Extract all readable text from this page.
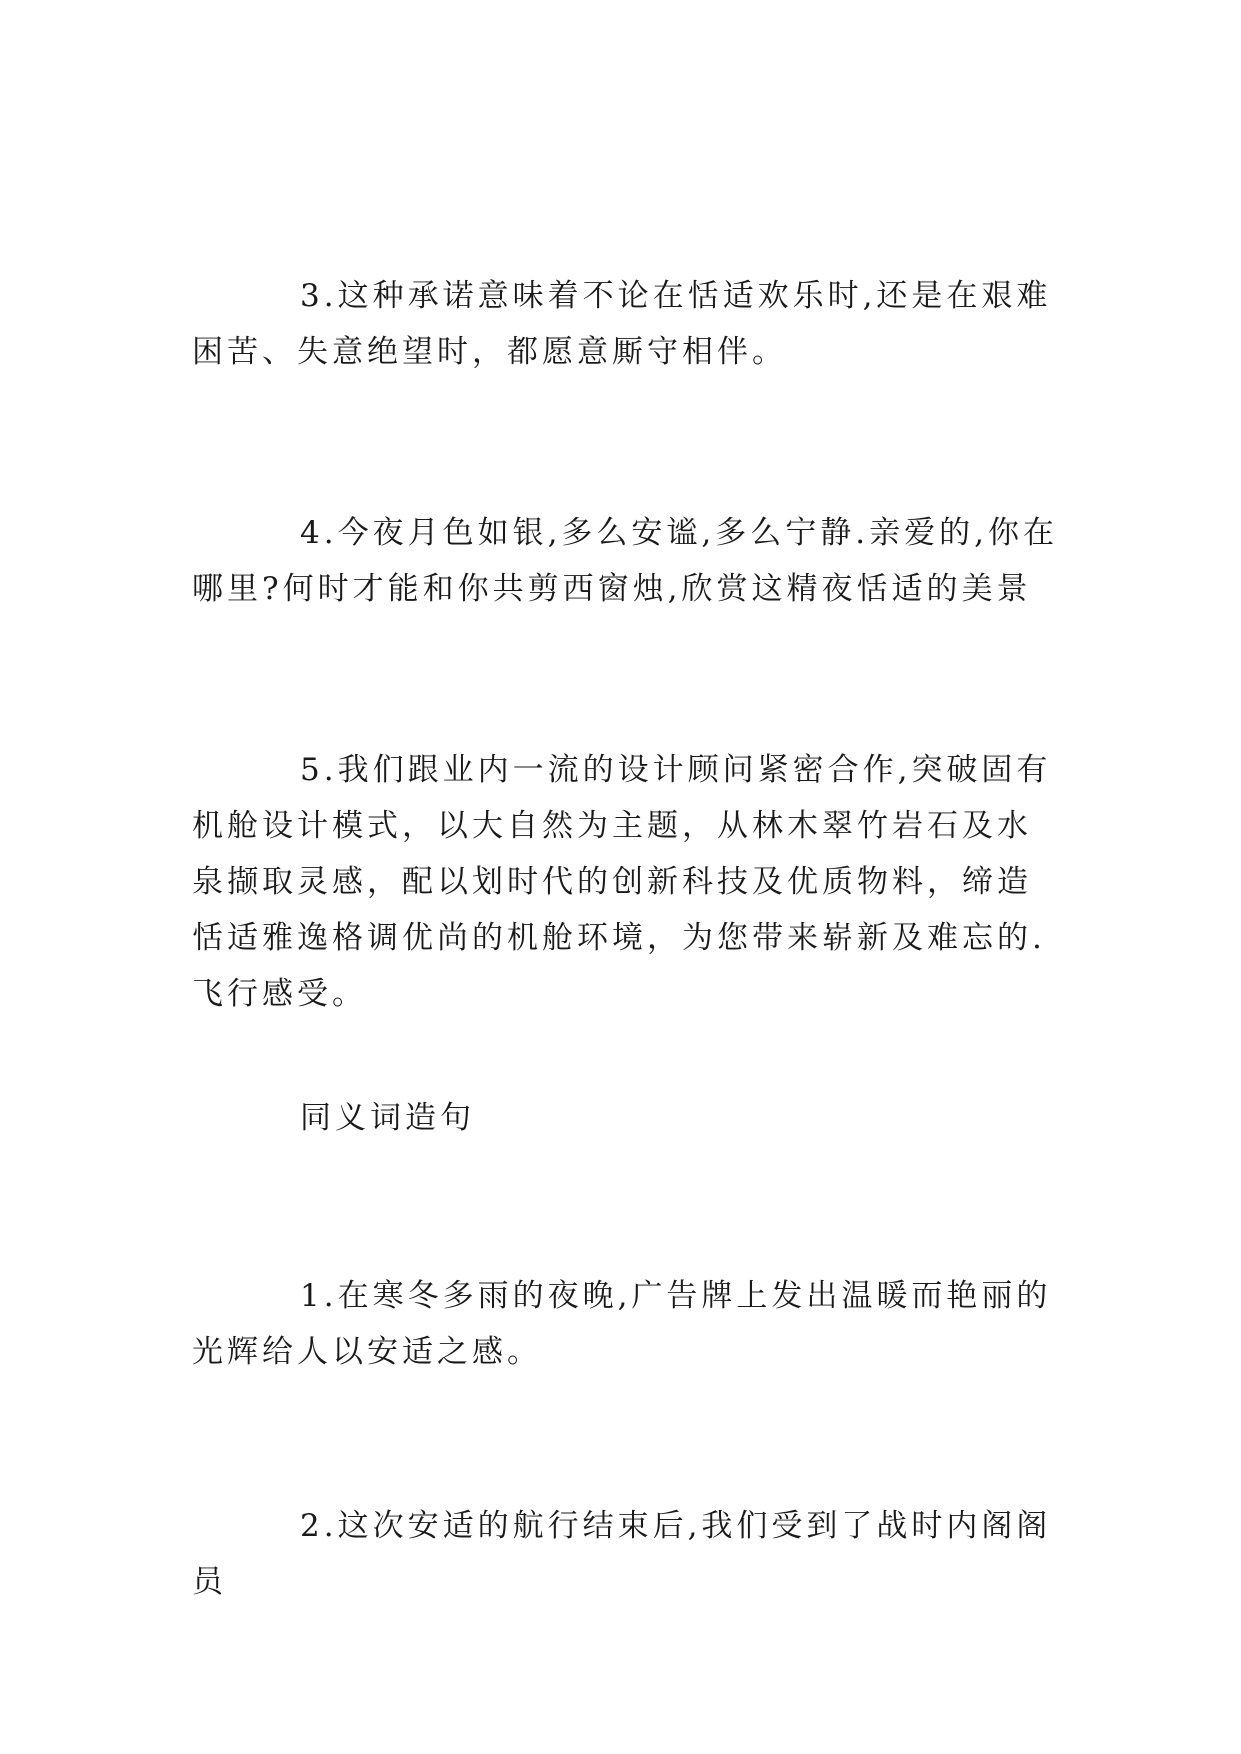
3.这种承诺意味着不论在恬适欢乐时,还是在艰难困苦、失意绝望时，都愿意厮守相伴。

4.今夜月色如银,多么安谧,多么宁静.亲爱的,你在哪里?何时才能和你共剪西窗烛,欣赏这精夜恬适的美景

5.我们跟业内一流的设计顾问紧密合作,突破固有机舱设计模式，以大自然为主题，从林木翠竹岩石及水泉撷取灵感，配以划时代的创新科技及优质物料，缔造恬适雅逸格调优尚的机舱环境，为您带来崭新及难忘的.飞行感受。

同义词造句

1.在寒冬多雨的夜晚,广告牌上发出温暖而艳丽的光辉给人以安适之感。

2.这次安适的航行结束后,我们受到了战时内阁阁员
